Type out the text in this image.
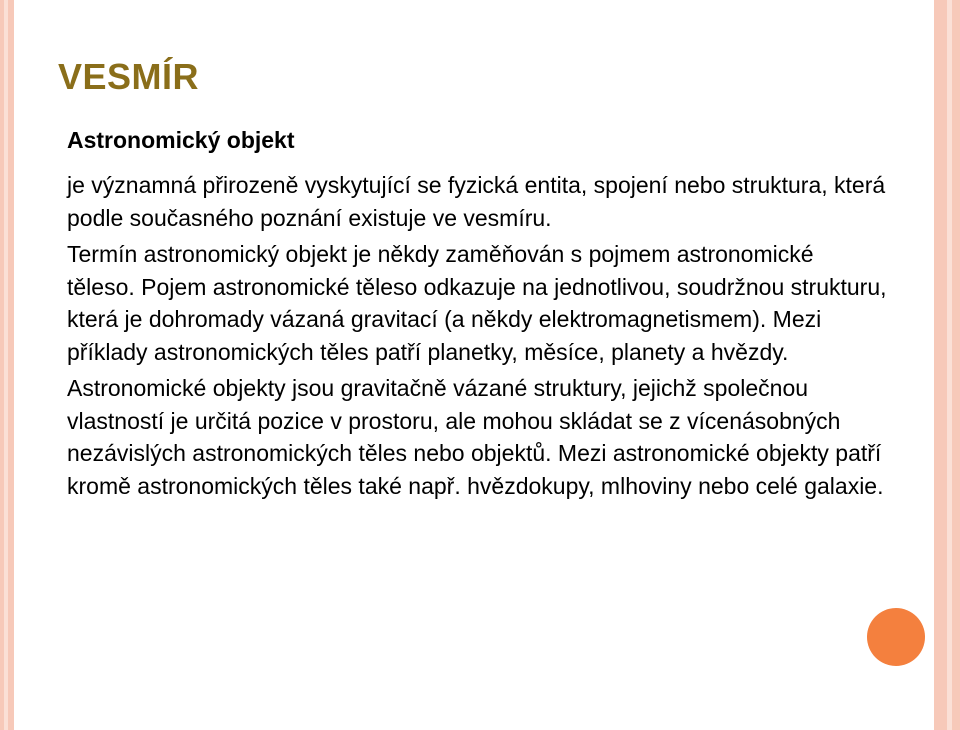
VESMÍR

Astronomický objekt

je významná přirozeně vyskytující se fyzická entita, spojení nebo struktura, která podle současného poznání existuje ve vesmíru.

Termín astronomický objekt je někdy zaměňován s pojmem astronomické těleso. Pojem astronomické těleso odkazuje na jednotlivou, soudržnou strukturu, která je dohromady vázaná gravitací (a někdy elektromagnetismem). Mezi příklady astronomických těles patří planetky, měsíce, planety a hvězdy.

Astronomické objekty jsou gravitačně vázané struktury, jejichž společnou vlastností je určitá pozice v prostoru, ale mohou skládat se z vícenásobných nezávislých astronomických těles nebo objektů. Mezi astronomické objekty patří kromě astronomických těles také např. hvězdokupy, mlhoviny nebo celé galaxie.
